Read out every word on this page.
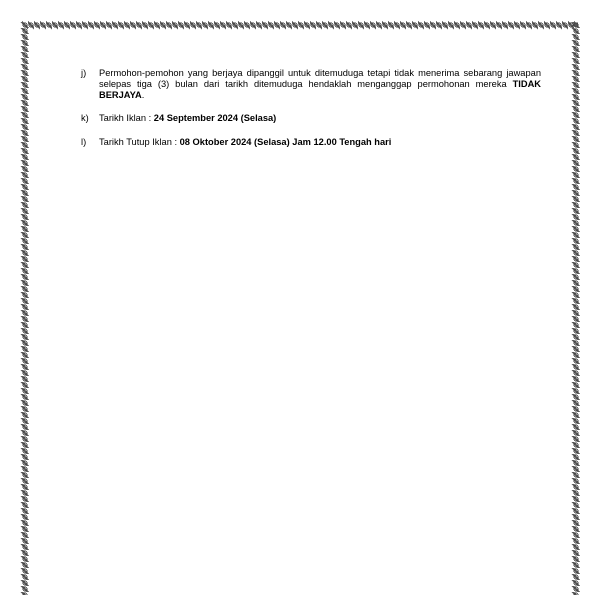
j) Permohon-pemohon yang berjaya dipanggil untuk ditemuduga tetapi tidak menerima sebarang jawapan selepas tiga (3) bulan dari tarikh ditemuduga hendaklah menganggap permohonan mereka TIDAK BERJAYA.
k) Tarikh Iklan : 24 September 2024 (Selasa)
l) Tarikh Tutup Iklan : 08 Oktober 2024 (Selasa) Jam 12.00 Tengah hari
